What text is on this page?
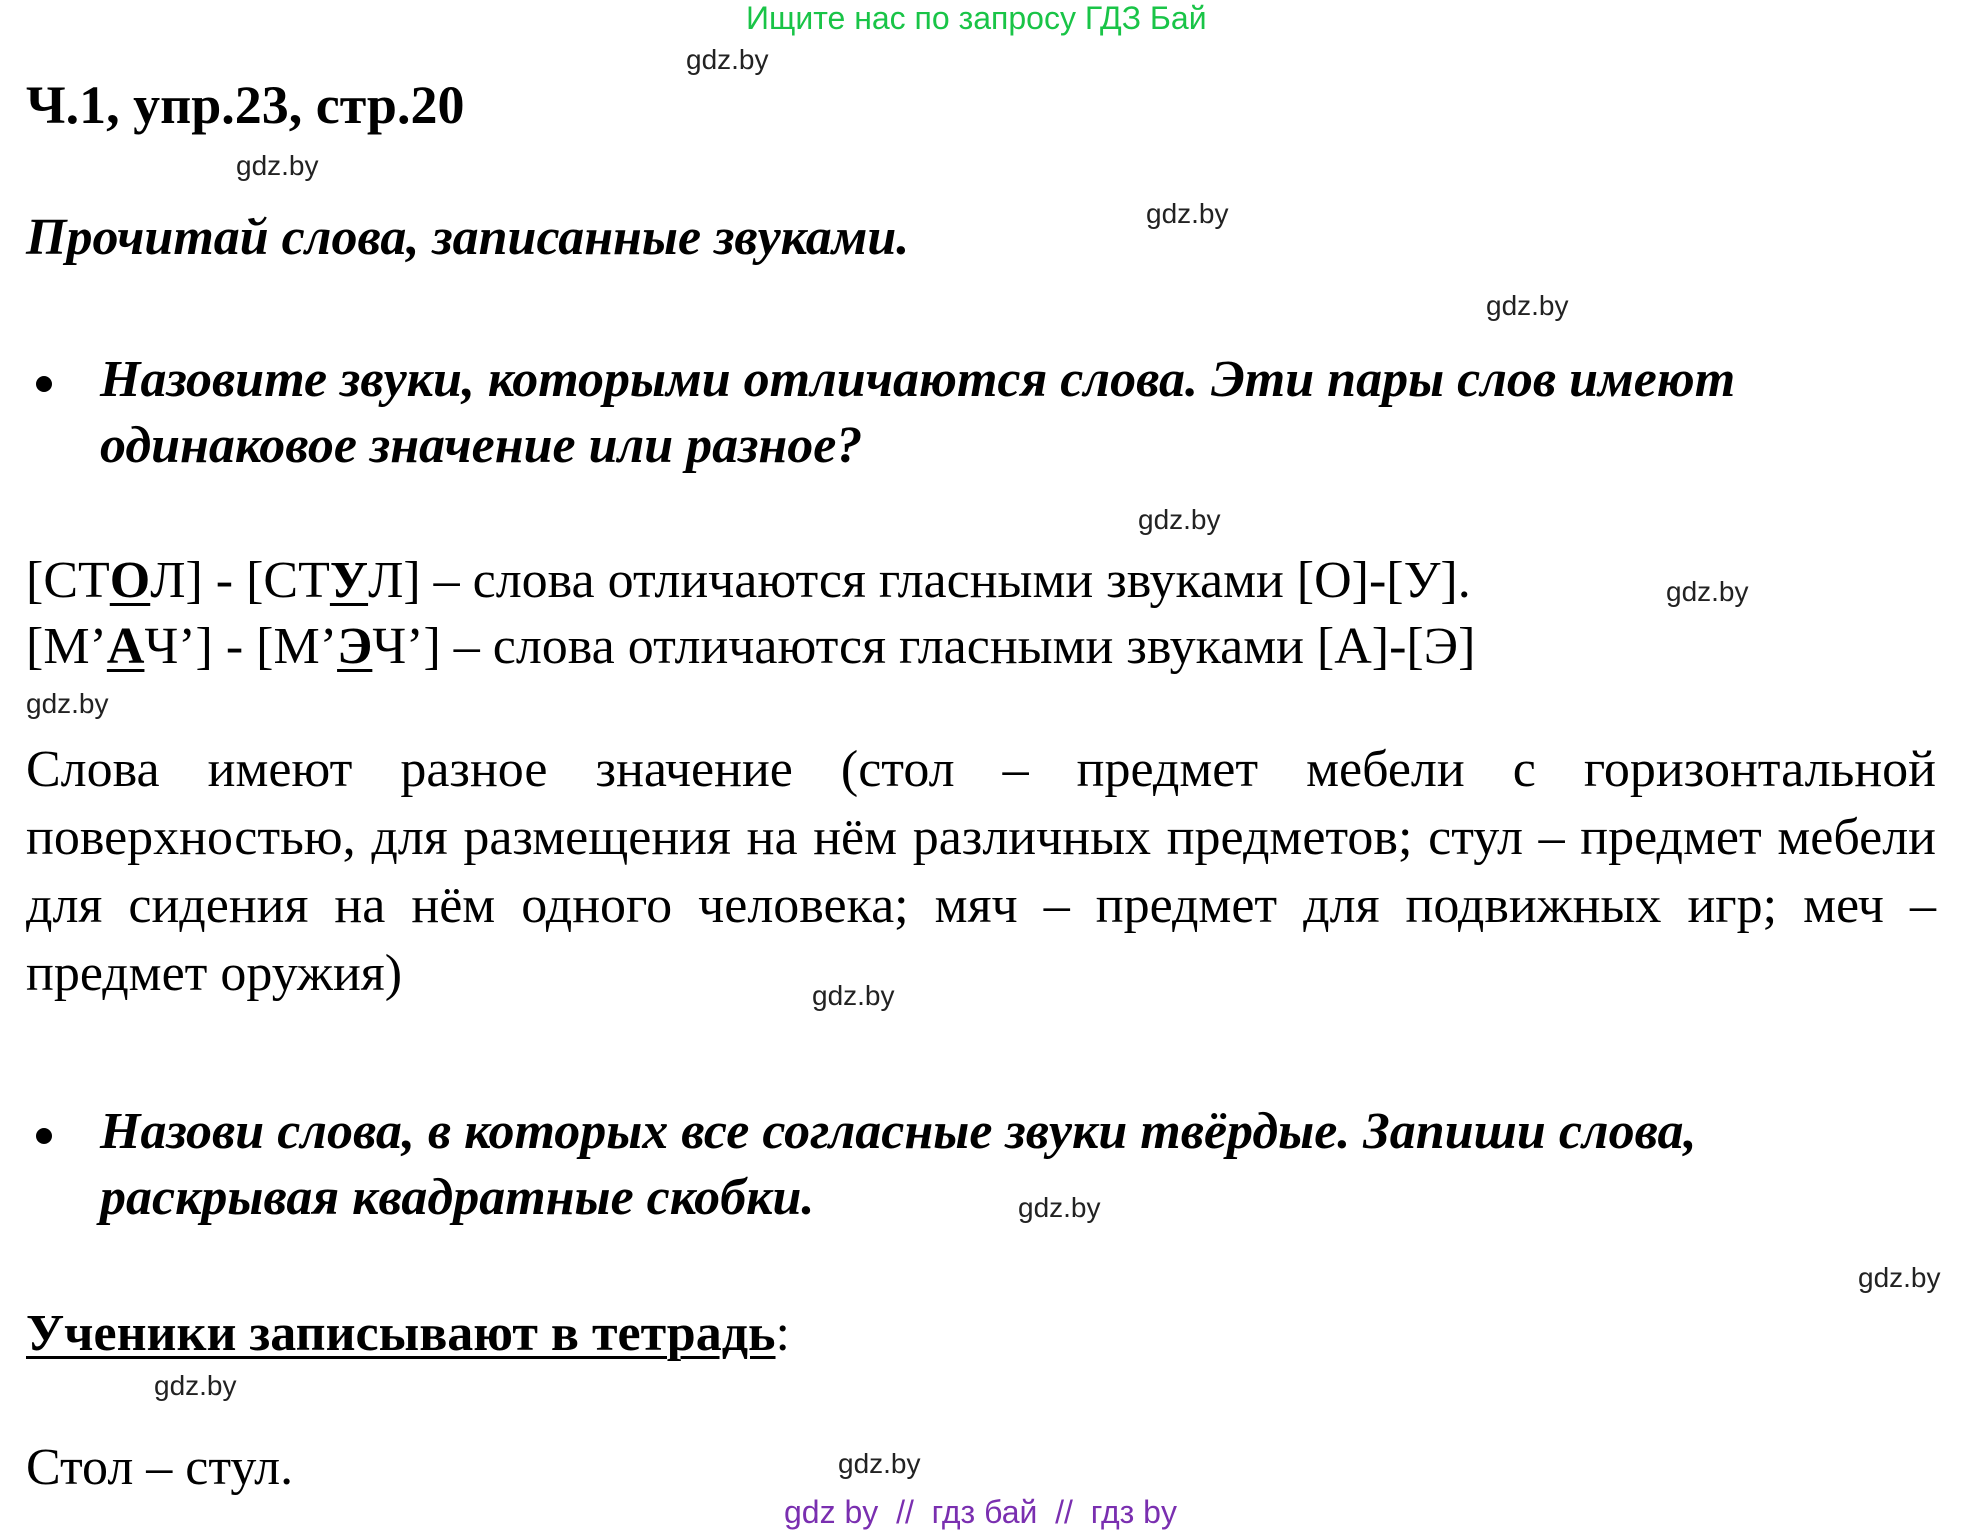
Ищите нас по запросу ГДЗ Бай
gdz.by
gdz.by
gdz.by
gdz.by
gdz.by
gdz.by
gdz.by
gdz.by
gdz.by
gdz.by
gdz.by
gdz.by
Ч.1, упр.23, стр.20
Прочитай слова, записанные звуками.
Назовите звуки, которыми отличаются слова. Эти пары слов имеют
одинаковое значение или разное?
[СТОЛ] - [СТУЛ] – слова отличаются гласными звуками [О]-[У].
[М’АЧ’] - [М’ЭЧ’] – слова отличаются гласными звуками [А]-[Э]
Слова имеют разное значение (стол – предмет мебели с горизонтальной поверхностью, для размещения на нём различных предметов; стул – предмет мебели для сидения на нём одного человека; мяч – предмет для подвижных игр; меч – предмет оружия)
Назови слова, в которых все согласные звуки твёрдые. Запиши слова,
раскрывая квадратные скобки.
Ученики записывают в тетрадь:
Стол – стул.
gdz by  //  гдз бай  //  гдз by
